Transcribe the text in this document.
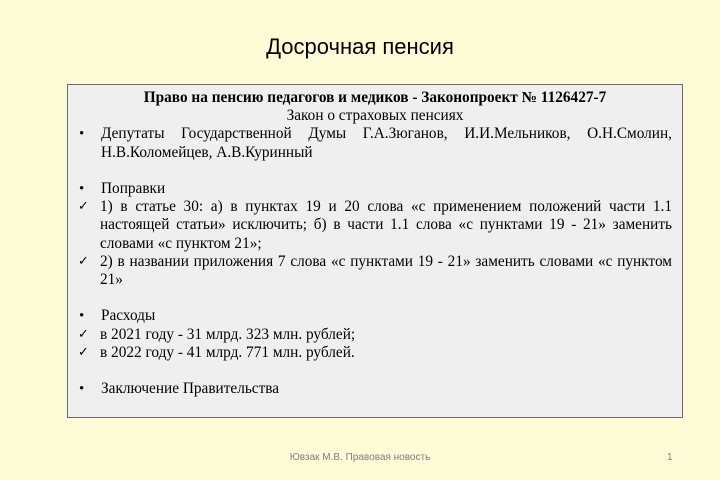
Досрочная пенсия
Право на пенсию педагогов и медиков - Законопроект № 1126427-7
Закон о страховых пенсиях
•	Депутаты Государственной Думы Г.А.Зюганов, И.И.Мельников, О.Н.Смолин, Н.В.Коломейцев, А.В.Куринный
•	Поправки
✓ 1) в статье 30: а) в пунктах 19 и 20 слова «с применением положений части 1.1 настоящей статьи» исключить; б) в части 1.1 слова «с пунктами 19 - 21» заменить словами «с пунктом 21»;
✓ 2) в названии приложения 7 слова «с пунктами 19 - 21» заменить словами «с пунктом 21»
•	Расходы
✓ в 2021 году - 31 млрд. 323 млн. рублей;
✓ в 2022 году - 41 млрд. 771 млн. рублей.
•	Заключение Правительства
Ювзак М.В. Правовая новость	1
